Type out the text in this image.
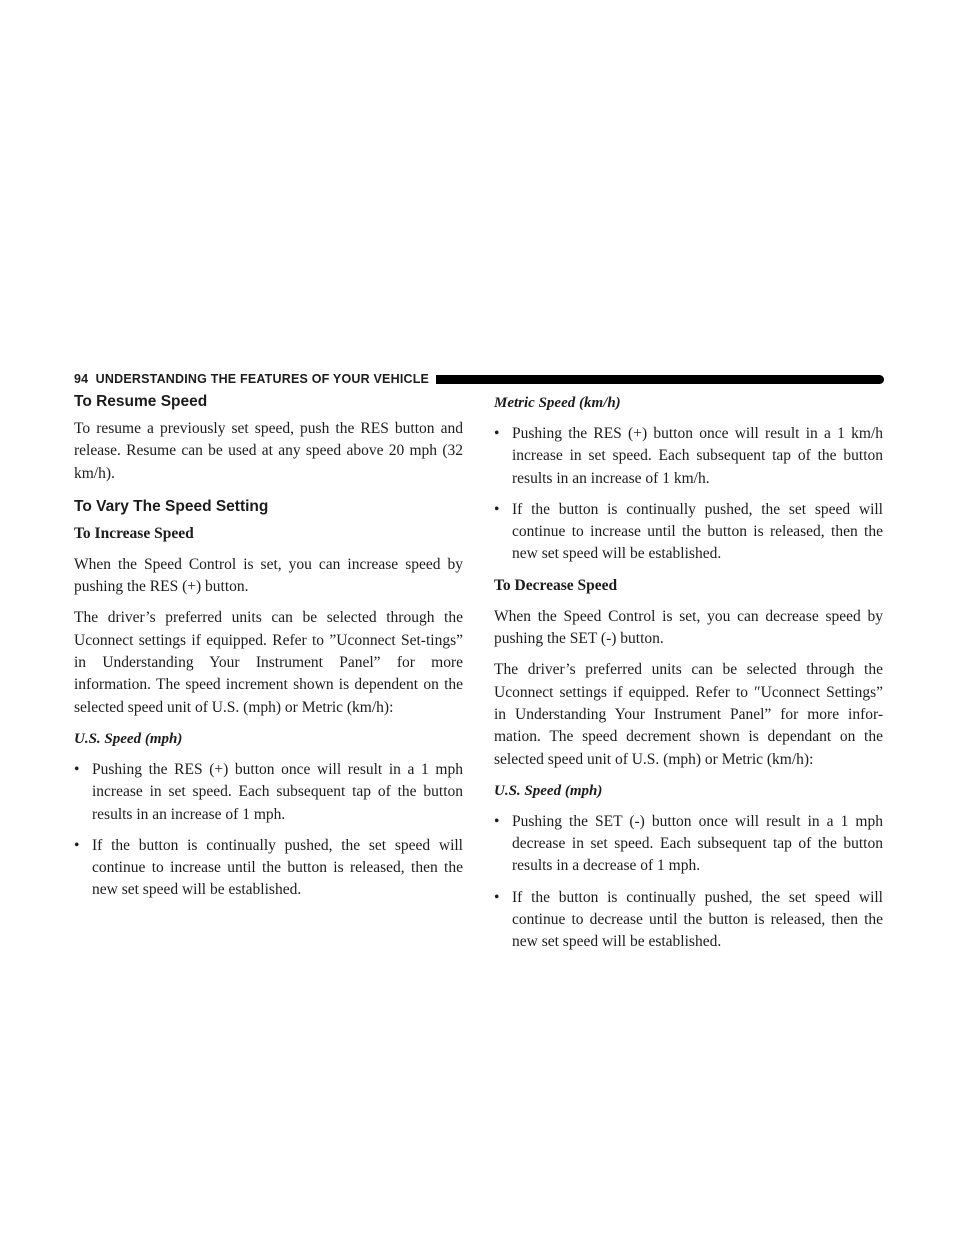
94 UNDERSTANDING THE FEATURES OF YOUR VEHICLE
To Resume Speed

To resume a previously set speed, push the RES button and release. Resume can be used at any speed above 20 mph (32 km/h).

To Vary The Speed Setting
To Increase Speed

When the Speed Control is set, you can increase speed by pushing the RES (+) button.

The driver’s preferred units can be selected through the Uconnect settings if equipped. Refer to ”Uconnect Set-tings” in Understanding Your Instrument Panel” for more information. The speed increment shown is dependent on the selected speed unit of U.S. (mph) or Metric (km/h):

U.S. Speed (mph)
• Pushing the RES (+) button once will result in a 1 mph increase in set speed. Each subsequent tap of the button results in an increase of 1 mph.
• If the button is continually pushed, the set speed will continue to increase until the button is released, then the new set speed will be established.
Metric Speed (km/h)
• Pushing the RES (+) button once will result in a 1 km/h increase in set speed. Each subsequent tap of the button results in an increase of 1 km/h.
• If the button is continually pushed, the set speed will continue to increase until the button is released, then the new set speed will be established.
To Decrease Speed

When the Speed Control is set, you can decrease speed by pushing the SET (-) button.

The driver’s preferred units can be selected through the Uconnect settings if equipped. Refer to ″Uconnect Settings” in Understanding Your Instrument Panel” for more infor-mation. The speed decrement shown is dependant on the selected speed unit of U.S. (mph) or Metric (km/h):

U.S. Speed (mph)
• Pushing the SET (-) button once will result in a 1 mph decrease in set speed. Each subsequent tap of the button results in a decrease of 1 mph.
• If the button is continually pushed, the set speed will continue to decrease until the button is released, then the new set speed will be established.
